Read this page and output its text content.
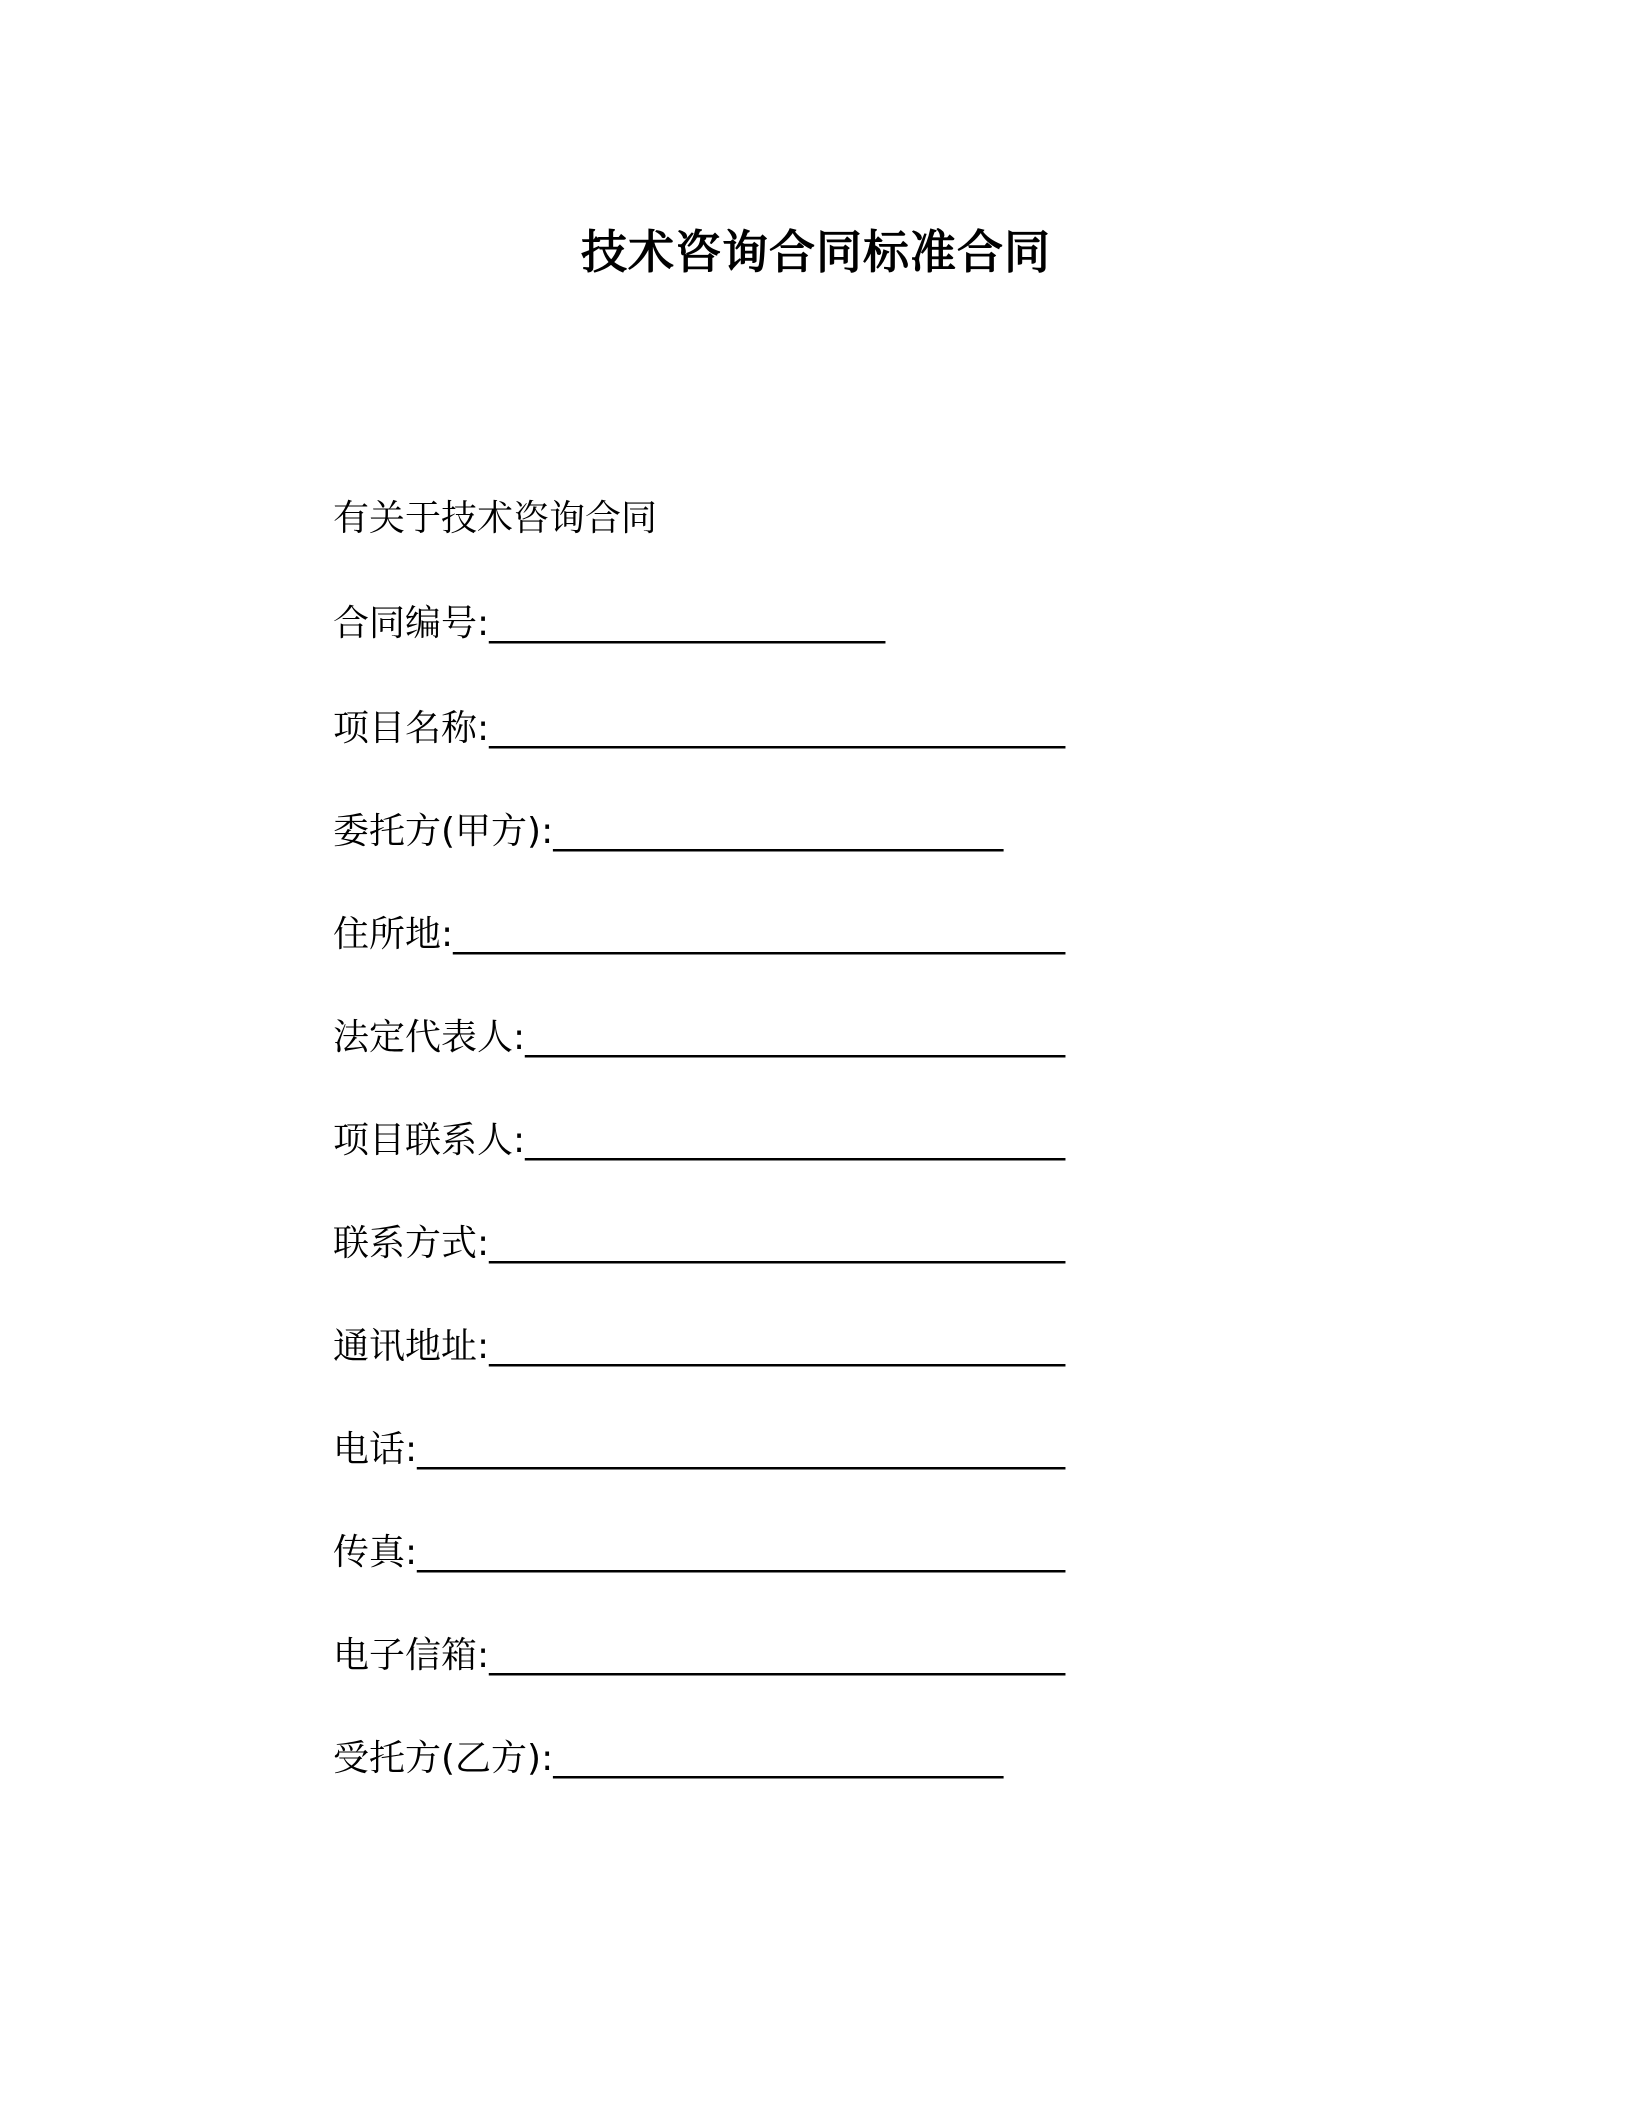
技术咨询合同标准合同
有关于技术咨询合同
合同编号:______________________
项目名称:________________________________
委托方(甲方):_________________________
住所地:__________________________________
法定代表人:______________________________
项目联系人:______________________________
联系方式:________________________________
通讯地址:________________________________
电话:____________________________________
传真:____________________________________
电子信箱:________________________________
受托方(乙方):_________________________
